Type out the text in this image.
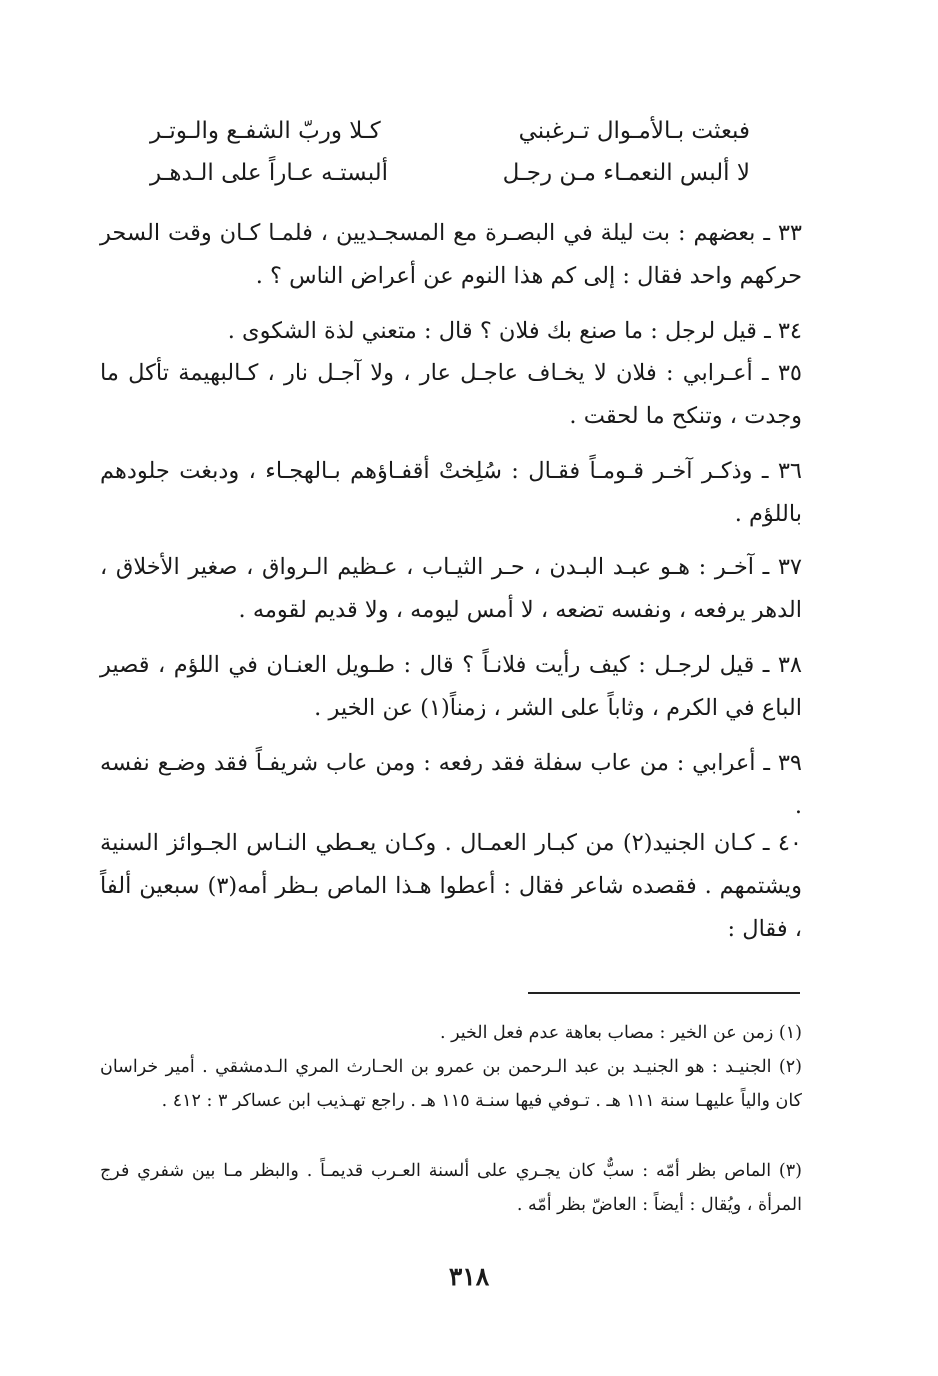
فبعثت بـالأمـوال تـرغبني
كـلا وربّ الشفـع والـوتـر
لا ألبس النعمـاء مـن رجـل
ألبستـه عـاراً على الـدهـر

٣٣ ـ بعضهم : بت ليلة في البصـرة مع المسجـديين ، فلمـا كـان وقت السحر حركهم واحد فقال : إلى كم هذا النوم عن أعراض الناس ؟ .

٣٤ ـ قيل لرجل : ما صنع بك فلان ؟ قال : متعني لذة الشكوى .

٣٥ ـ أعـرابي : فلان لا يخـاف عاجـل عار ، ولا آجـل نار ، كـالبهيمة تأكل ما وجدت ، وتنكح ما لحقت .

٣٦ ـ وذكـر آخـر قـومـاً فقـال : سُلِختْ أقفـاؤهم بـالهجـاء ، ودبغت جلودهم باللؤم .

٣٧ ـ آخـر : هـو عبـد البـدن ، حـر الثيـاب ، عـظيم الـرواق ، صغير الأخلاق ، الدهر يرفعه ، ونفسه تضعه ، لا أمس ليومه ، ولا قديم لقومه .

٣٨ ـ قيل لرجـل : كيف رأيت فلانـاً ؟ قال : طـويل العنـان في اللؤم ، قصير الباع في الكرم ، وثاباً على الشر ، زمناً(١) عن الخير .

٣٩ ـ أعرابي : من عاب سفلة فقد رفعه : ومن عاب شريفـاً فقد وضـع نفسه .

٤٠ ـ كـان الجنيد(٢) من كبـار العمـال . وكـان يعـطي النـاس الجـوائز السنية ويشتمهم . فقصده شاعر فقال : أعطوا هـذا الماص بـظر أمه(٣) سبعين ألفاً ، فقال :

(١) زمن عن الخير : مصاب بعاهة عدم فعل الخير .

(٢) الجنيـد : هو الجنيـد بن عبد الـرحمن بن عمرو بن الحـارث المري الـدمشقي . أمير خراسان كان والياً عليهـا سنة ١١١ هـ . تـوفي فيها سنـة ١١٥ هـ . راجع تهـذيب ابن عساكر ٣ : ٤١٢ .

(٣) الماص بظر أمّه : سبٌّ كان يجـري على ألسنة العـرب قديمـاً . والبظر مـا بين شفري فرج المرأة ، ويُقال : أيضاً : العاضّ بظر أمّه .

٣١٨
